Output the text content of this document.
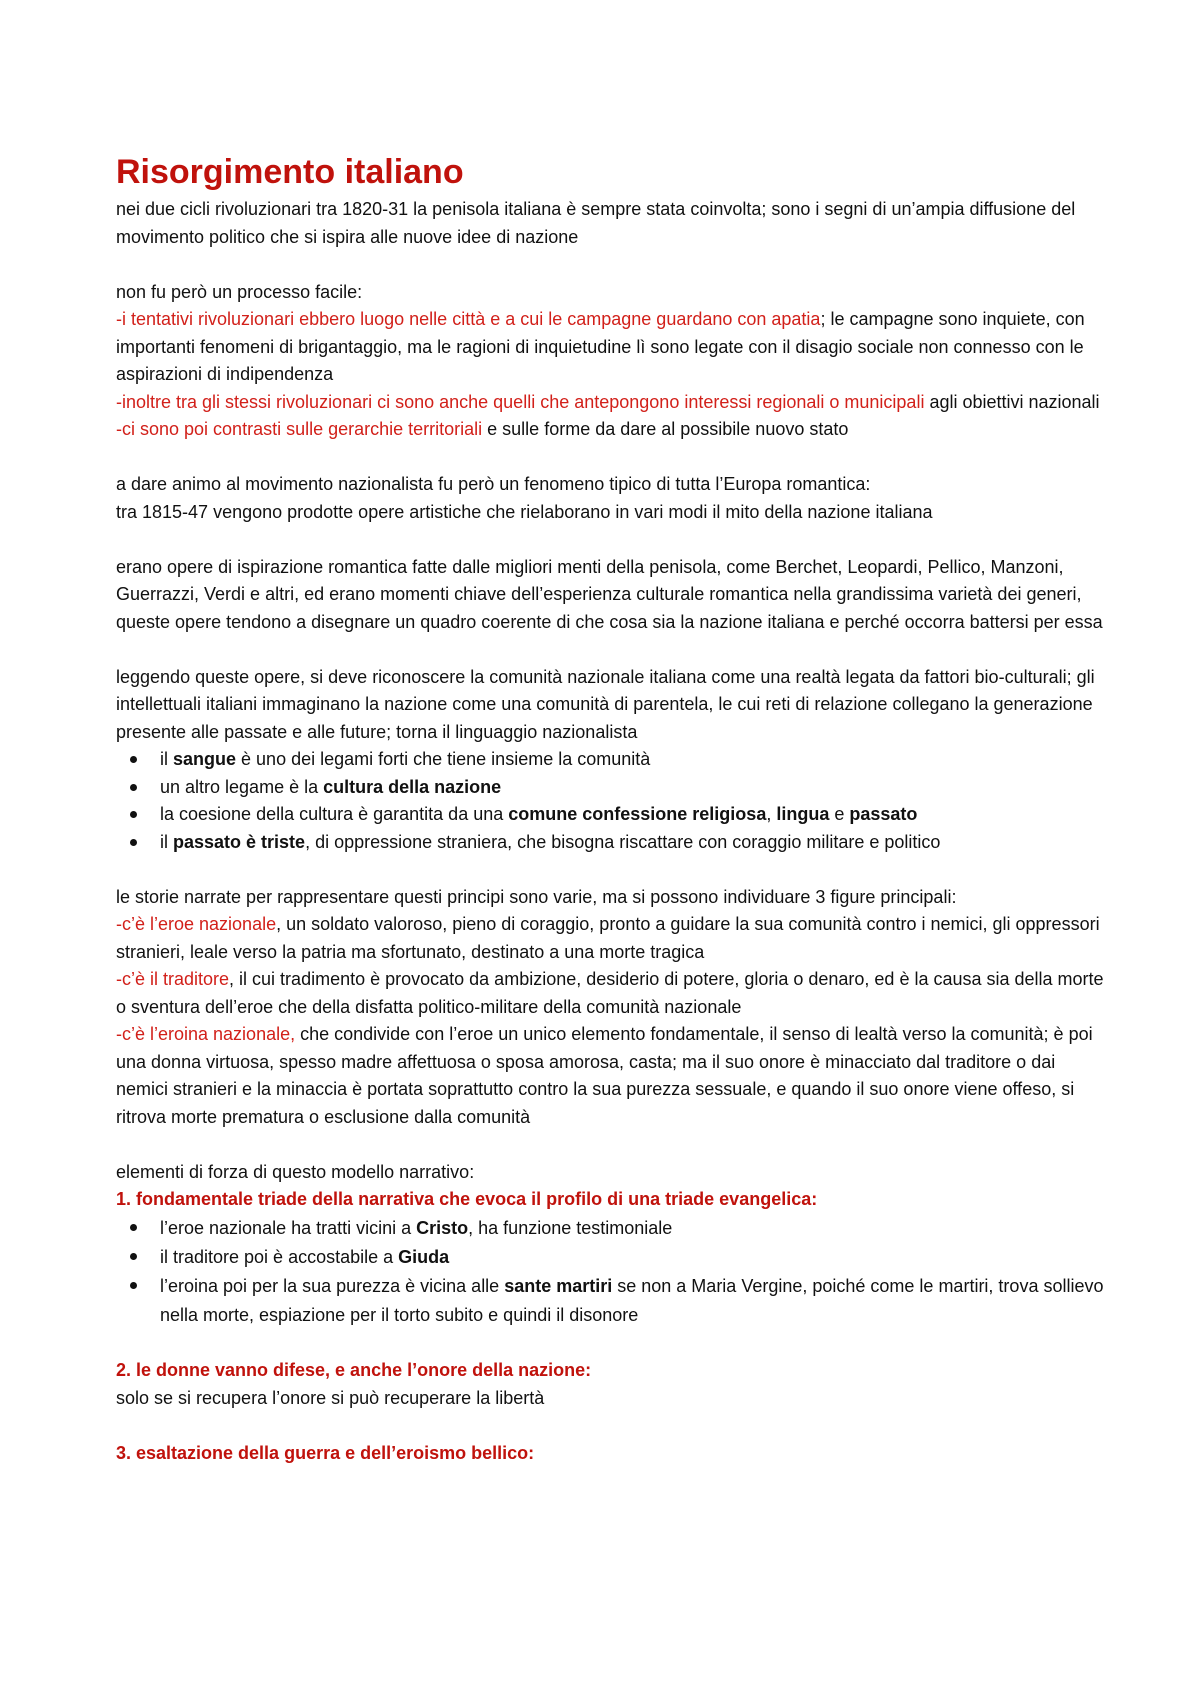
Risorgimento italiano

nei due cicli rivoluzionari tra 1820-31 la penisola italiana è sempre stata coinvolta; sono i segni di un’ampia diffusione del movimento politico che si ispira alle nuove idee di nazione

non fu però un processo facile:

-i tentativi rivoluzionari ebbero luogo nelle città e a cui le campagne guardano con apatia; le campagne sono inquiete, con importanti fenomeni di brigantaggio, ma le ragioni di inquietudine lì sono legate con il disagio sociale non connesso con le aspirazioni di indipendenza

-inoltre tra gli stessi rivoluzionari ci sono anche quelli che antepongono interessi regionali o municipali agli obiettivi nazionali

-ci sono poi contrasti sulle gerarchie territoriali e sulle forme da dare al possibile nuovo stato

a dare animo al movimento nazionalista fu però un fenomeno tipico di tutta l’Europa romantica:

tra 1815-47 vengono prodotte opere artistiche che rielaborano in vari modi il mito della nazione italiana

erano opere di ispirazione romantica fatte dalle migliori menti della penisola, come Berchet, Leopardi, Pellico, Manzoni, Guerrazzi, Verdi e altri, ed erano momenti chiave dell’esperienza culturale romantica nella grandissima varietà dei generi, queste opere tendono a disegnare un quadro coerente di che cosa sia la nazione italiana e perché occorra battersi per essa

leggendo queste opere, si deve riconoscere la comunità nazionale italiana come una realtà legata da fattori bio-culturali; gli intellettuali italiani immaginano la nazione come una comunità di parentela, le cui reti di relazione collegano la generazione presente alle passate e alle future; torna il linguaggio nazionalista

il sangue è uno dei legami forti che tiene insieme la comunità
un altro legame è la cultura della nazione
la coesione della cultura è garantita da una comune confessione religiosa, lingua e passato
il passato è triste, di oppressione straniera, che bisogna riscattare con coraggio militare e politico

le storie narrate per rappresentare questi principi sono varie, ma si possono individuare 3 figure principali:

-c’è l’eroe nazionale, un soldato valoroso, pieno di coraggio, pronto a guidare la sua comunità contro i nemici, gli oppressori stranieri, leale verso la patria ma sfortunato, destinato a una morte tragica

-c’è il traditore, il cui tradimento è provocato da ambizione, desiderio di potere, gloria o denaro, ed è la causa sia della morte o sventura dell’eroe che della disfatta politico-militare della comunità nazionale

-c’è l’eroina nazionale, che condivide con l’eroe un unico elemento fondamentale, il senso di lealtà verso la comunità; è poi una donna virtuosa, spesso madre affettuosa o sposa amorosa, casta; ma il suo onore è minacciato dal traditore o dai nemici stranieri e la minaccia è portata soprattutto contro la sua purezza sessuale, e quando il suo onore viene offeso, si ritrova morte prematura o esclusione dalla comunità

elementi di forza di questo modello narrativo:

1. fondamentale triade della narrativa che evoca il profilo di una triade evangelica:

l’eroe nazionale ha tratti vicini a Cristo, ha funzione testimoniale
il traditore poi è accostabile a Giuda
l’eroina poi per la sua purezza è vicina alle sante martiri se non a Maria Vergine, poiché come le martiri, trova sollievo nella morte, espiazione per il torto subito e quindi il disonore

2. le donne vanno difese, e anche l’onore della nazione:

solo se si recupera l’onore si può recuperare la libertà

3. esaltazione della guerra e dell’eroismo bellico:
